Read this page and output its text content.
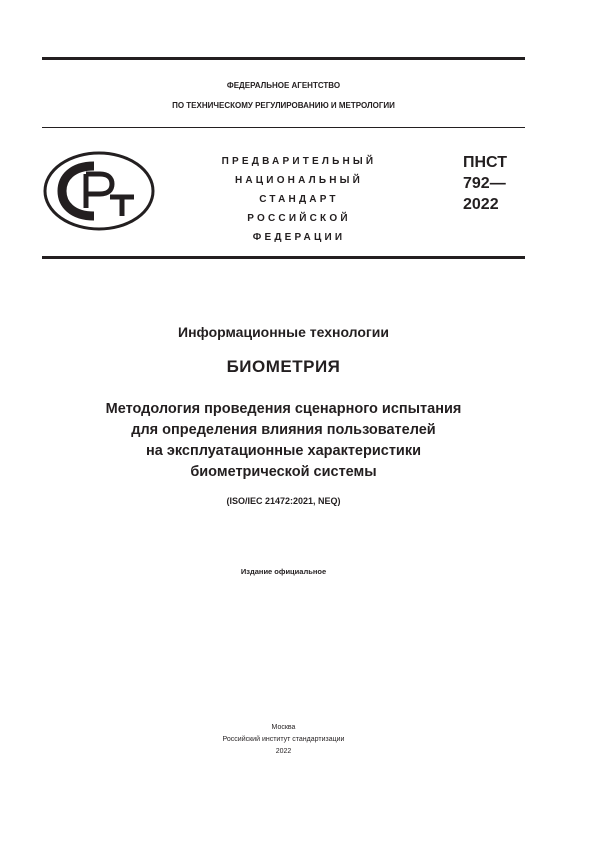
ФЕДЕРАЛЬНОЕ АГЕНТСТВО
ПО ТЕХНИЧЕСКОМУ РЕГУЛИРОВАНИЮ И МЕТРОЛОГИИ
ПРЕДВАРИТЕЛЬНЫЙ
НАЦИОНАЛЬНЫЙ
СТАНДАРТ
РОССИЙСКОЙ
ФЕДЕРАЦИИ
ПНСТ
792—
2022
Информационные технологии
БИОМЕТРИЯ
Методология проведения сценарного испытания
для определения влияния пользователей
на эксплуатационные характеристики
биометрической системы
(ISO/IEC 21472:2021, NEQ)
Издание официальное
Москва
Российский институт стандартизации
2022
